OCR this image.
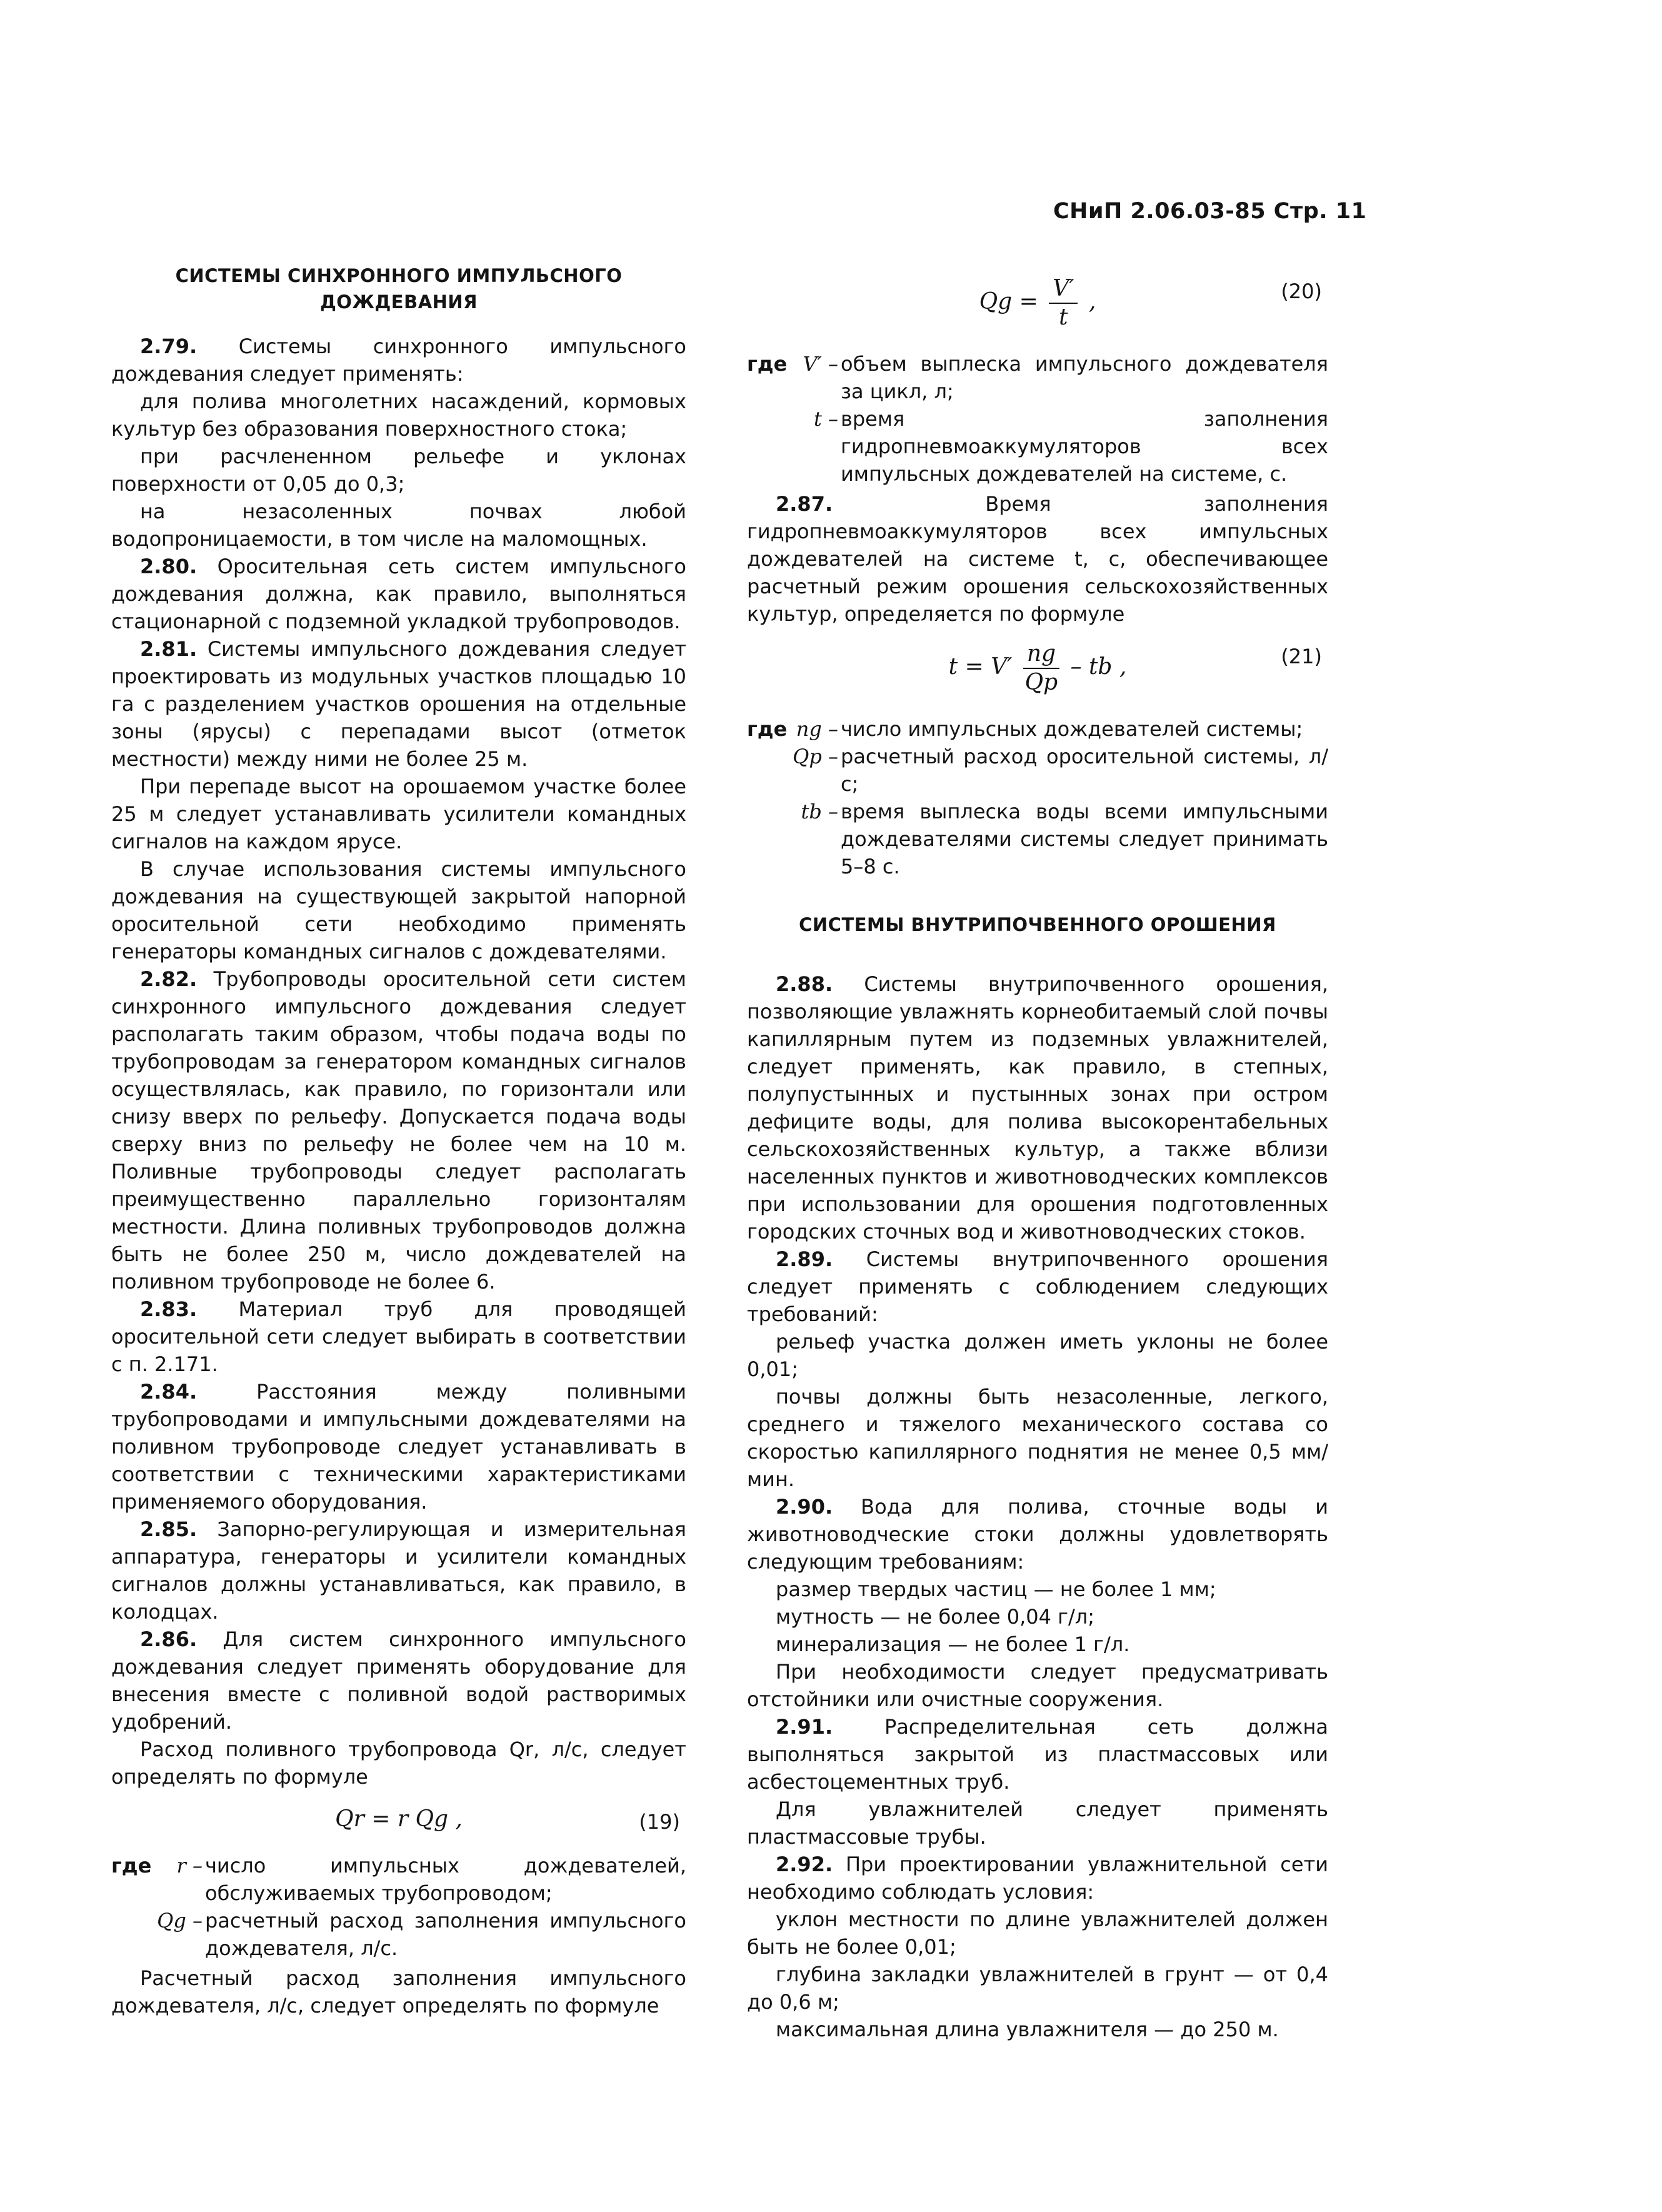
СНиП 2.06.03-85 Стр. 11
СИСТЕМЫ СИНХРОННОГО ИМПУЛЬСНОГО
ДОЖДЕВАНИЯ

2.79. Системы синхронного импульсного дождевания следует применять:

для полива многолетних насаждений, кормовых культур без образования поверхностного стока;

при расчлененном рельефе и уклонах поверхности от 0,05 до 0,3;

на незасоленных почвах любой водопроницаемости, в том числе на маломощных.

2.80. Оросительная сеть систем импульсного дождевания должна, как правило, выполняться стационарной с подземной укладкой трубопроводов.

2.81. Системы импульсного дождевания следует проектировать из модульных участков площадью 10 га с разделением участков орошения на отдельные зоны (ярусы) с перепадами высот (отметок местности) между ними не более 25 м.

При перепаде высот на орошаемом участке более 25 м следует устанавливать усилители командных сигналов на каждом ярусе.

В случае использования системы импульсного дождевания на существующей закрытой напорной оросительной сети необходимо применять генераторы командных сигналов с дождевателями.

2.82. Трубопроводы оросительной сети систем синхронного импульсного дождевания следует располагать таким образом, чтобы подача воды по трубопроводам за генератором командных сигналов осуществлялась, как правило, по горизонтали или снизу вверх по рельефу. Допускается подача воды сверху вниз по рельефу не более чем на 10 м. Поливные трубопроводы следует располагать преимущественно параллельно горизонталям местности. Длина поливных трубопроводов должна быть не более 250 м, число дождевателей на поливном трубопроводе не более 6.

2.83. Материал труб для проводящей оросительной сети следует выбирать в соответствии с п. 2.171.

2.84. Расстояния между поливными трубопроводами и импульсными дождевателями на поливном трубопроводе следует устанавливать в соответствии с техническими характеристиками применяемого оборудования.

2.85. Запорно-регулирующая и измерительная аппаратура, генераторы и усилители командных сигналов должны устанавливаться, как правило, в колодцах.

2.86. Для систем синхронного импульсного дождевания следует применять оборудование для внесения вместе с поливной водой растворимых удобрений.

Расход поливного трубопровода Qr, л/с, следует определять по формуле

Qr = r Qg ,	(19)
где	r – число импульсных дождевателей, обслуживаемых трубопроводом;
Qg – расчетный расход заполнения импульсного дождевателя, л/с.

Расчетный расход заполнения импульсного дождевателя, л/с, следует определять по формуле

$Qg = \frac{V'}{t}$ ,	(20)
где V′ – объем выплеска импульсного дождевателя за цикл, л;
t – время заполнения гидропневмоаккумуляторов всех импульсных дождевателей на системе, с.

2.87. Время заполнения гидропневмоаккумуляторов всех импульсных дождевателей на системе t, с, обеспечивающее расчетный режим орошения сельскохозяйственных культур, определяется по формуле

$t = V' \frac{ng}{Qp}$ – tb ,	(21)
где ng – число импульсных дождевателей системы;
Qp – расчетный расход оросительной системы, л/с;
tb – время выплеска воды всеми импульсными дождевателями системы следует принимать 5–8 с.
СИСТЕМЫ ВНУТРИПОЧВЕННОГО ОРОШЕНИЯ

2.88. Системы внутрипочвенного орошения, позволяющие увлажнять корнеобитаемый слой почвы капиллярным путем из подземных увлажнителей, следует применять, как правило, в степных, полупустынных и пустынных зонах при остром дефиците воды, для полива высокорентабельных сельскохозяйственных культур, а также вблизи населенных пунктов и животноводческих комплексов при использовании для орошения подготовленных городских сточных вод и животноводческих стоков.

2.89. Системы внутрипочвенного орошения следует применять с соблюдением следующих требований:

рельеф участка должен иметь уклоны не более 0,01;

почвы должны быть незасоленные, легкого, среднего и тяжелого механического состава со скоростью капиллярного поднятия не менее 0,5 мм/мин.

2.90. Вода для полива, сточные воды и животноводческие стоки должны удовлетворять следующим требованиям:

размер твердых частиц — не более 1 мм;

мутность — не более 0,04 г/л;

минерализация — не более 1 г/л.

При необходимости следует предусматривать отстойники или очистные сооружения.

2.91. Распределительная сеть должна выполняться закрытой из пластмассовых или асбестоцементных труб.

Для увлажнителей следует применять пластмассовые трубы.

2.92. При проектировании увлажнительной сети необходимо соблюдать условия:

уклон местности по длине увлажнителей должен быть не более 0,01;

глубина закладки увлажнителей в грунт — от 0,4 до 0,6 м;

максимальная длина увлажнителя — до 250 м.
